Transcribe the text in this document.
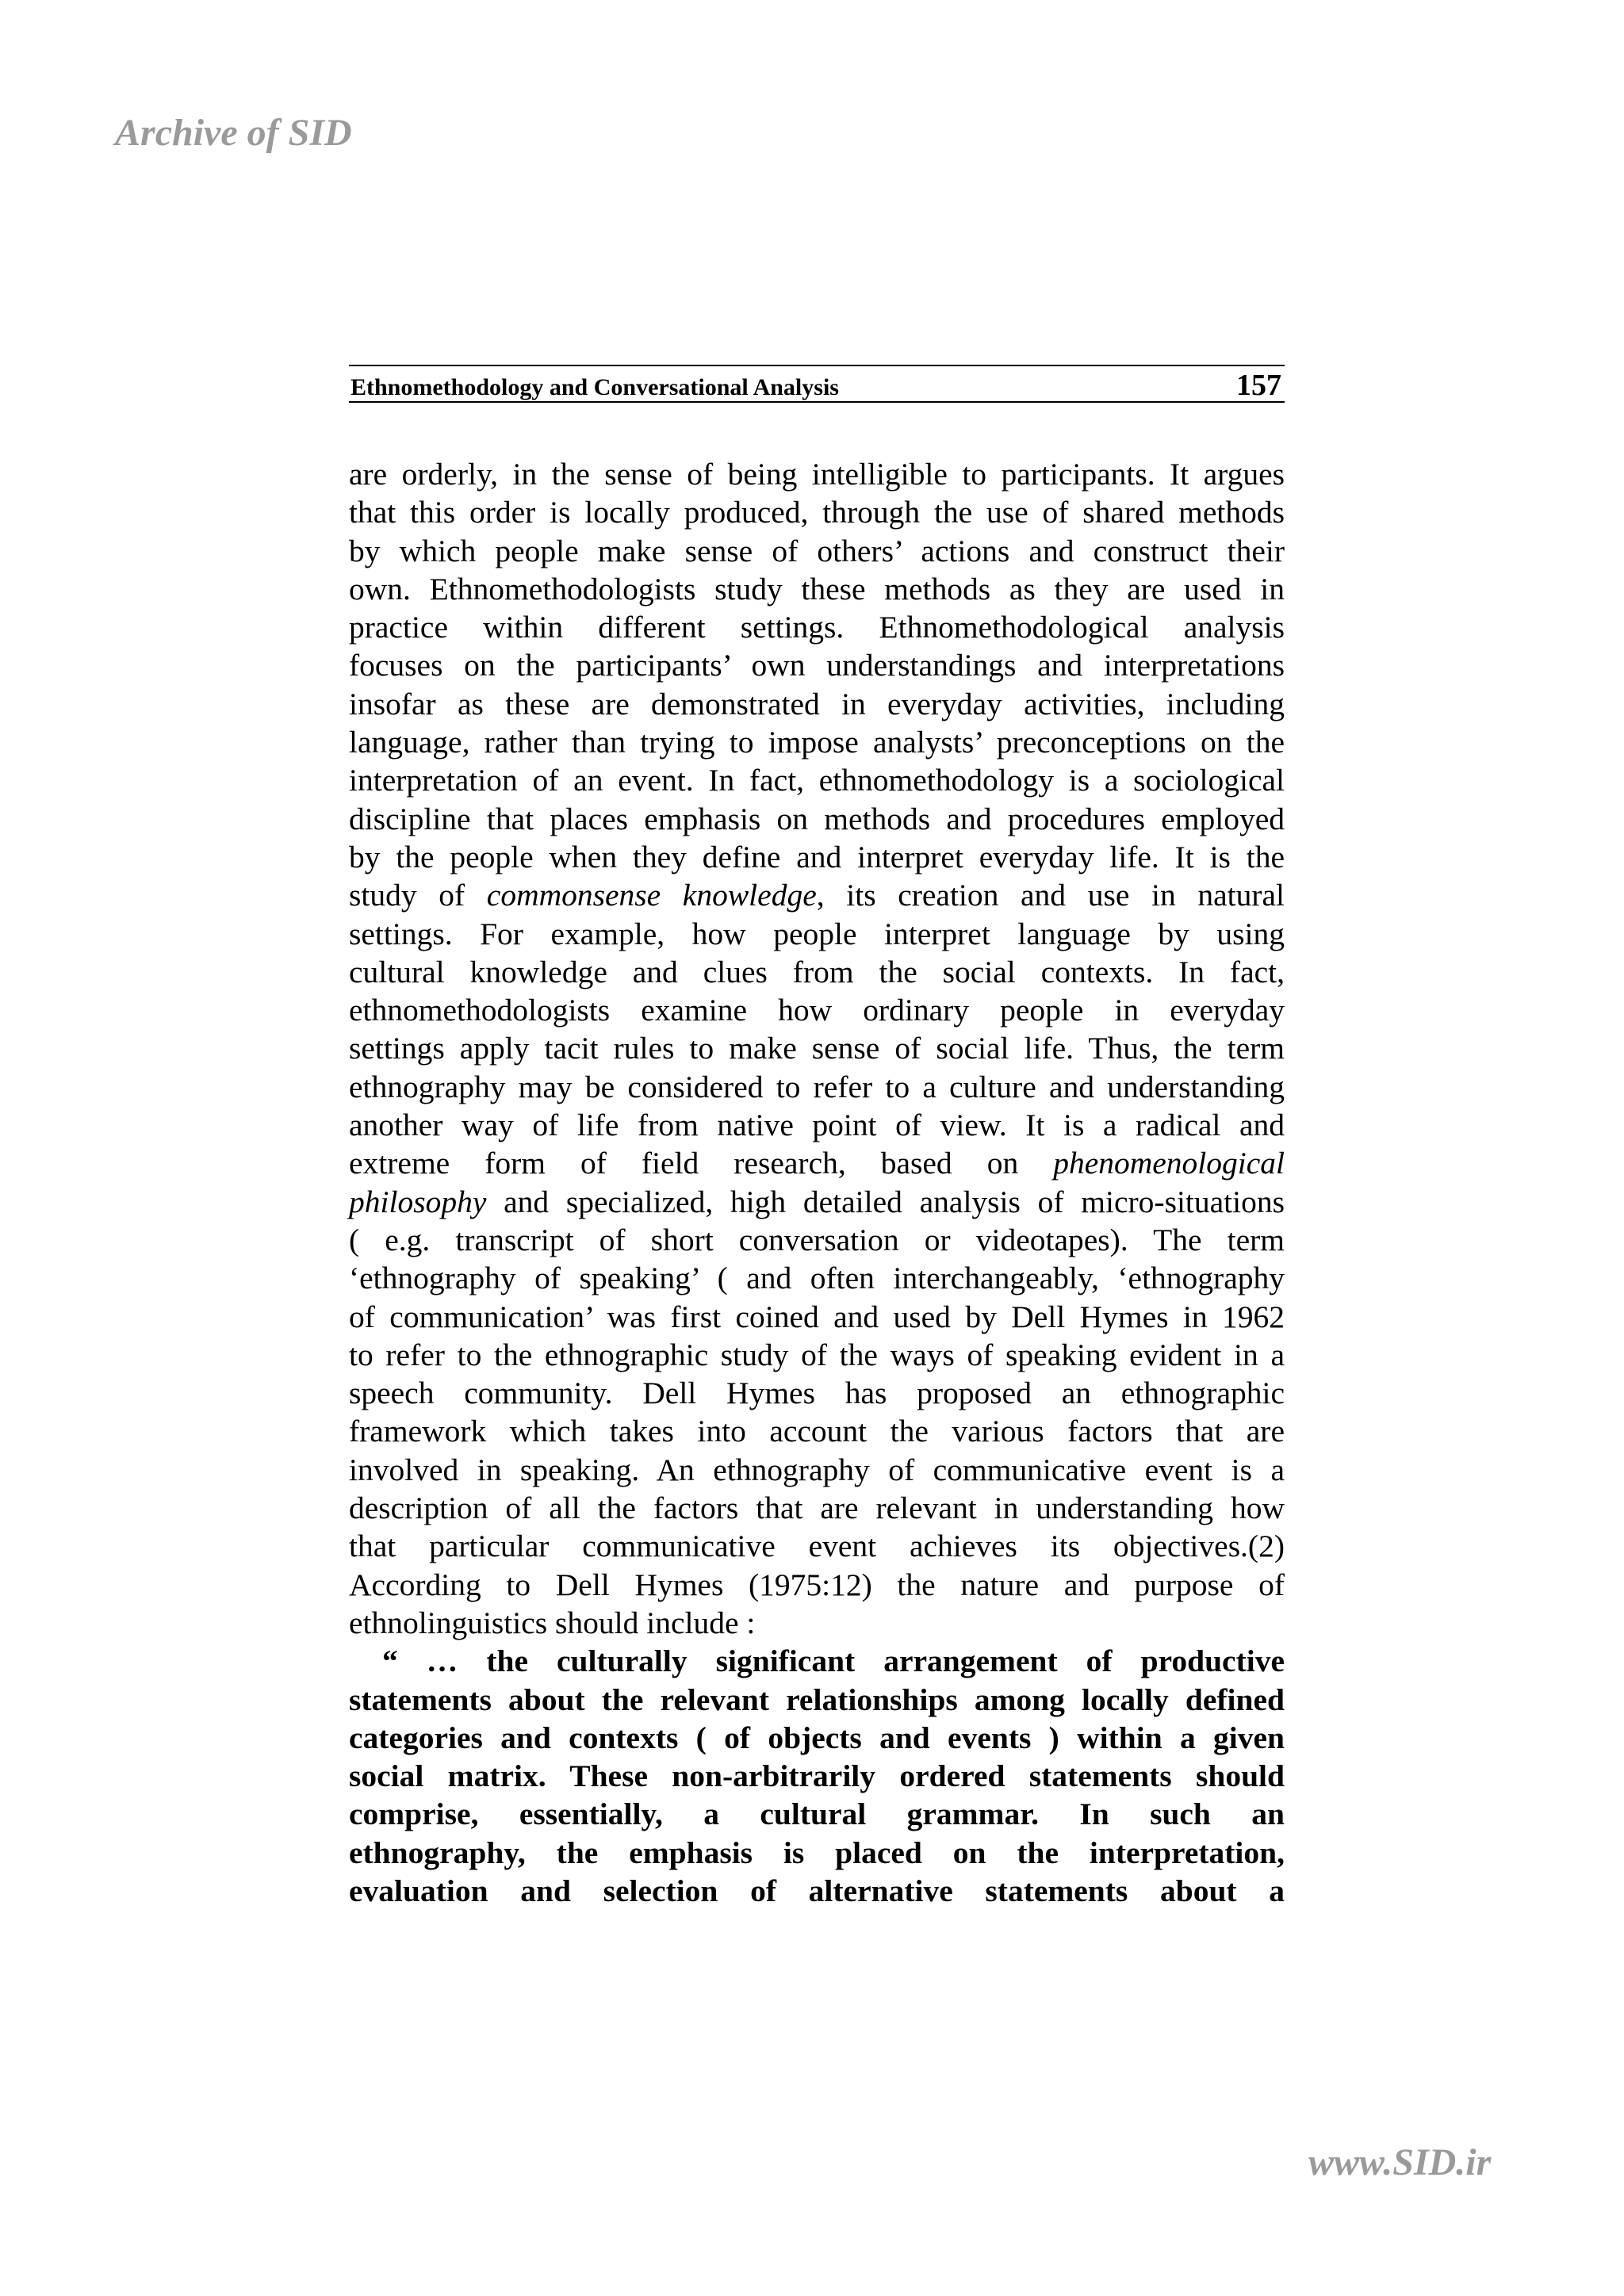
Archive of SID
Ethnomethodology and Conversational Analysis	157

are orderly, in the sense of being intelligible to participants. It argues

that this order is locally produced, through the use of shared methods

by which people make sense of others’ actions and construct their

own. Ethnomethodologists study these methods as they are used in

practice within different settings. Ethnomethodological analysis

focuses on the participants’ own understandings and interpretations

insofar as these are demonstrated in everyday activities, including

language, rather than trying to impose analysts’ preconceptions on the

interpretation of an event. In fact, ethnomethodology is a sociological

discipline that places emphasis on methods and procedures employed

by the people when they define and interpret everyday life. It is the

study of commonsense knowledge, its creation and use in natural

settings. For example, how people interpret language by using

cultural knowledge and clues from the social contexts. In fact,

ethnomethodologists examine how ordinary people in everyday

settings apply tacit rules to make sense of social life. Thus, the term

ethnography may be considered to refer to a culture and understanding

another way of life from native point of view. It is a radical and

extreme form of field research, based on phenomenological

philosophy and specialized, high detailed analysis of micro-situations

( e.g. transcript of short conversation or videotapes). The term

‘ethnography of speaking’ ( and often interchangeably, ‘ethnography

of communication’ was first coined and used by Dell Hymes in 1962

to refer to the ethnographic study of the ways of speaking evident in a

speech community. Dell Hymes has proposed an ethnographic

framework which takes into account the various factors that are

involved in speaking. An ethnography of communicative event is a

description of all the factors that are relevant in understanding how

that particular communicative event achieves its objectives.(2)

According to Dell Hymes (1975:12) the nature and purpose of

ethnolinguistics should include :

“ … the culturally significant arrangement of productive

statements about the relevant relationships among locally defined

categories and contexts ( of objects and events ) within a given

social matrix. These non-arbitrarily ordered statements should

comprise, essentially, a cultural grammar. In such an

ethnography, the emphasis is placed on the interpretation,

evaluation and selection of alternative statements about a

www.SID.ir
